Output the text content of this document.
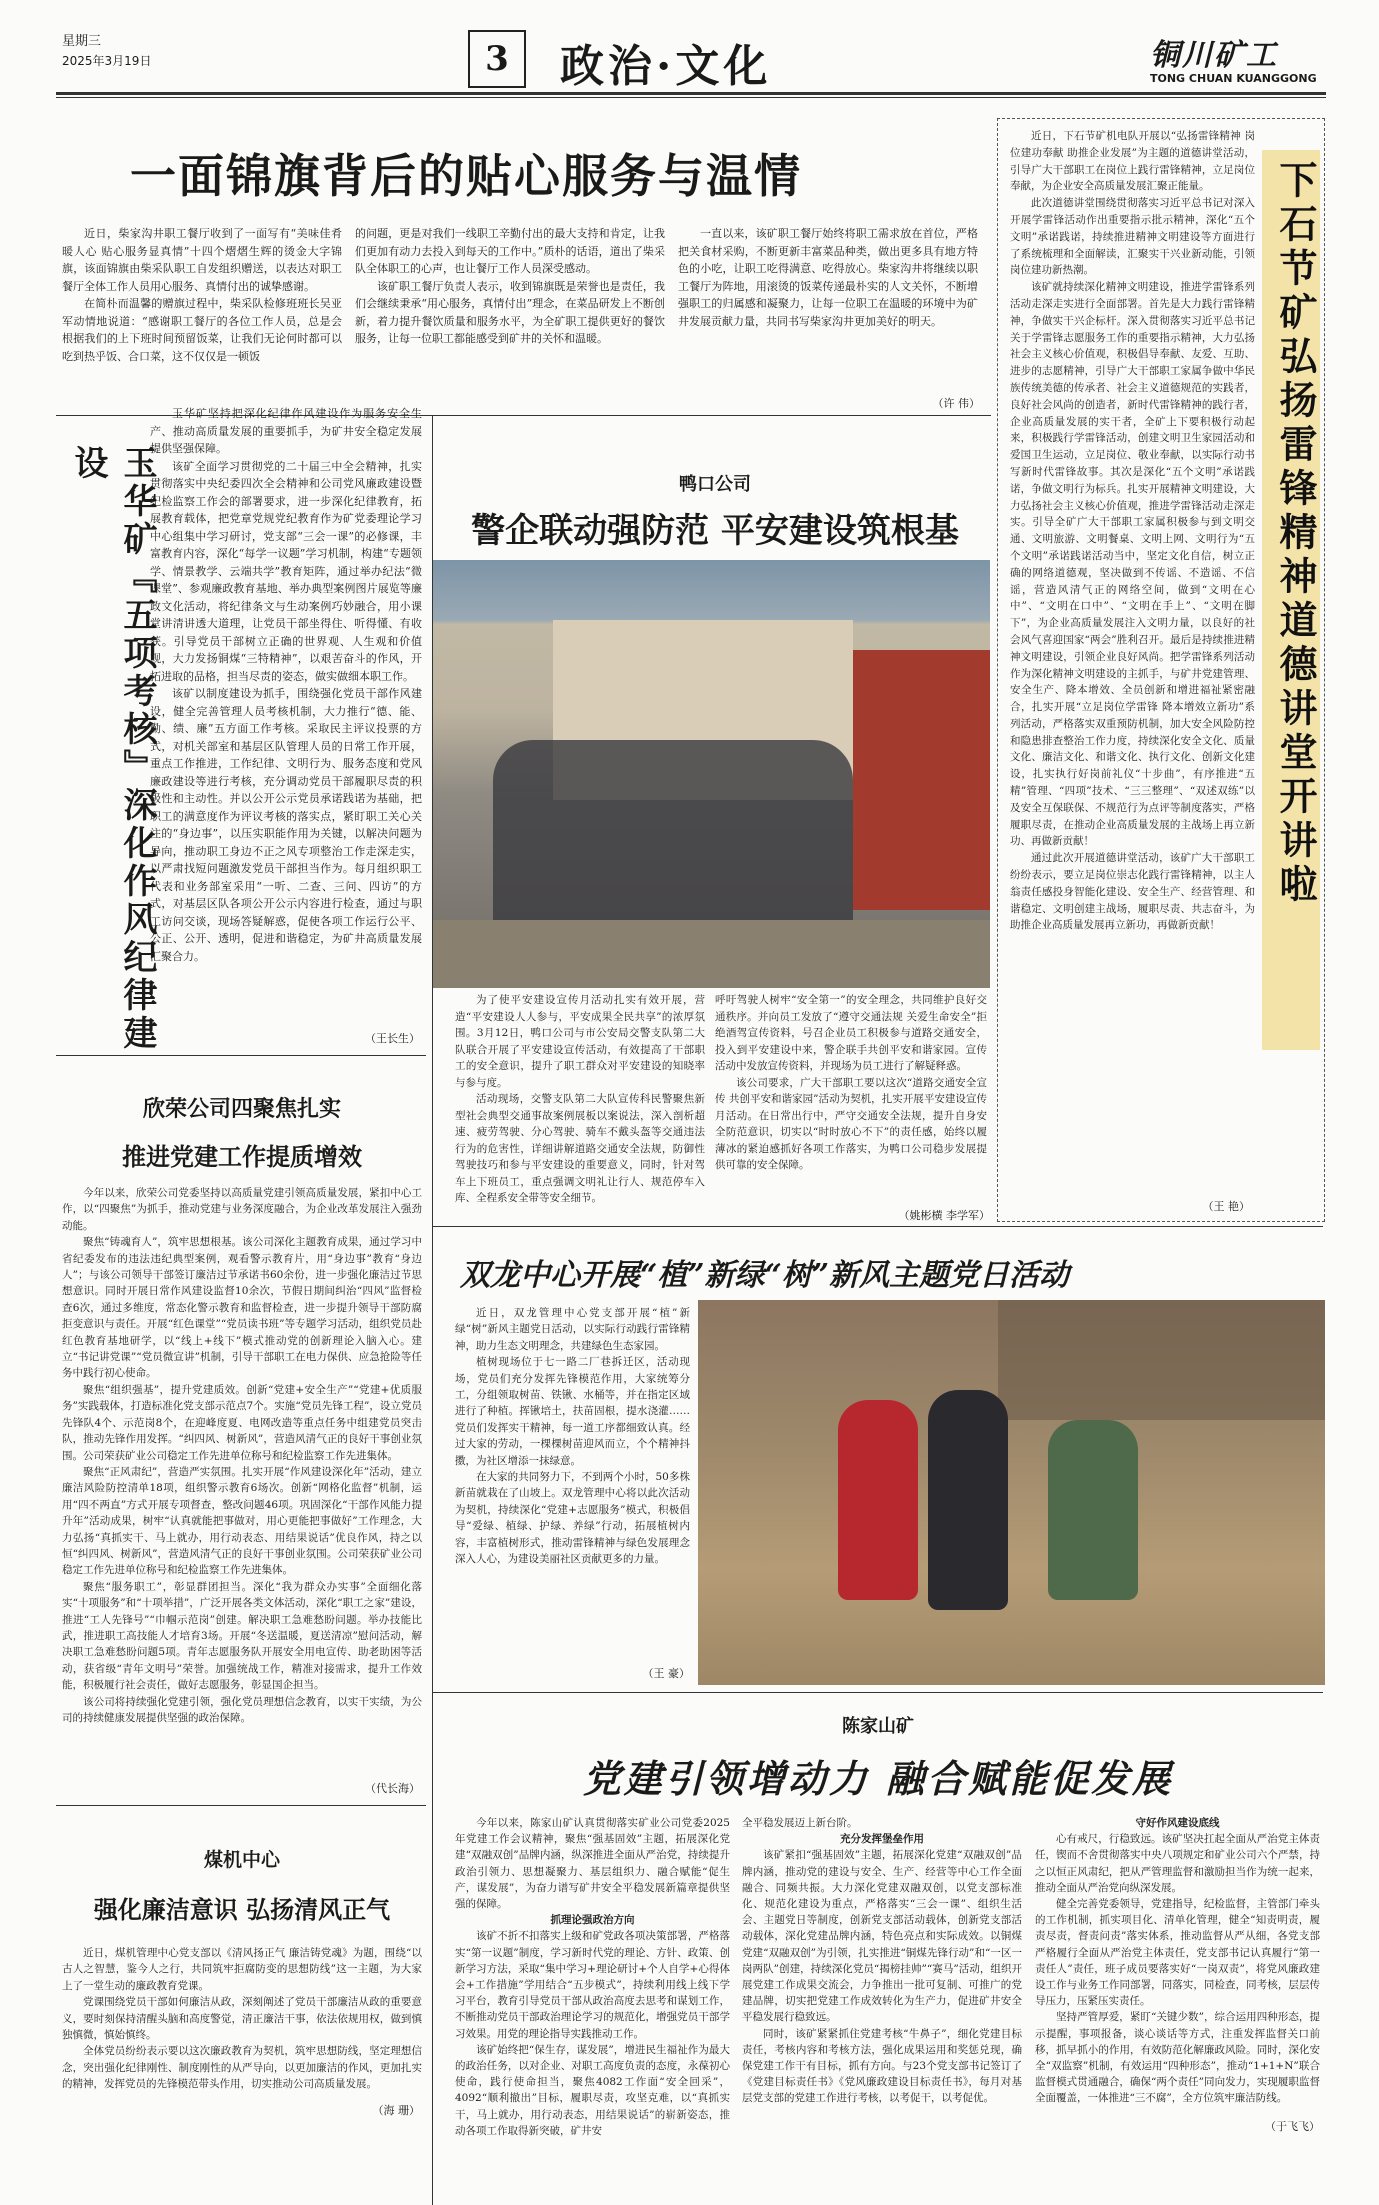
星期三
2025年3月19日	3 政治·文化	铜川矿工
TONG CHUAN KUANGGONG
一面锦旗背后的贴心服务与温情

近日，柴家沟井职工餐厅收到了一面写有“美味佳肴暖人心 贴心服务显真情”十四个熠熠生辉的烫金大字锦旗，该面锦旗由柴采队职工自发组织赠送，以表达对职工餐厅全体工作人员用心服务、真情付出的诚挚感谢。

在简朴而温馨的赠旗过程中，柴采队检修班班长吴亚军动情地说道：“感谢职工餐厅的各位工作人员，总是会根据我们的上下班时间预留饭菜，让我们无论何时都可以吃到热乎饭、合口菜，这不仅仅是一顿饭

的问题，更是对我们一线职工辛勤付出的最大支持和肯定，让我们更加有动力去投入到每天的工作中。”质朴的话语，道出了柴采队全体职工的心声，也让餐厅工作人员深受感动。

该矿职工餐厅负责人表示，收到锦旗既是荣誉也是责任，我们会继续秉承“用心服务，真情付出”理念，在菜品研发上不断创新，着力提升餐饮质量和服务水平，为全矿职工提供更好的餐饮服务，让每一位职工都能感受到矿井的关怀和温暖。

一直以来，该矿职工餐厅始终将职工需求放在首位，严格把关食材采购，不断更新丰富菜品种类，做出更多具有地方特色的小吃，让职工吃得满意、吃得放心。柴家沟井将继续以职工餐厅为阵地，用滚烫的饭菜传递最朴实的人文关怀，不断增强职工的归属感和凝聚力，让每一位职工在温暖的环境中为矿井发展贡献力量，共同书写柴家沟井更加美好的明天。

（许 伟）	下石节矿弘扬雷锋精神道德讲堂开讲啦

近日，下石节矿机电队开展以“弘扬雷锋精神 岗位建功奉献 助推企业发展”为主题的道德讲堂活动，引导广大干部职工在岗位上践行雷锋精神，立足岗位奉献，为企业安全高质量发展汇聚正能量。

此次道德讲堂围绕贯彻落实习近平总书记对深入开展学雷锋活动作出重要指示批示精神，深化“五个文明”承诺践诺，持续推进精神文明建设等方面进行了系统梳理和全面解读，汇聚实干兴业新动能，引领岗位建功新热潮。

该矿就持续深化精神文明建设，推进学雷锋系列活动走深走实进行全面部署。首先是大力践行雷锋精神，争做实干兴企标杆。深入贯彻落实习近平总书记关于学雷锋志愿服务工作的重要指示精神，大力弘扬社会主义核心价值观，积极倡导奉献、友爱、互助、进步的志愿精神，引导广大干部职工家属争做中华民族传统美德的传承者、社会主义道德规范的实践者，良好社会风尚的创造者，新时代雷锋精神的践行者，企业高质量发展的实干者，全矿上下要积极行动起来，积极践行学雷锋活动，创建文明卫生家园活动和爱国卫生运动，立足岗位、敬业奉献，以实际行动书写新时代雷锋故事。其次是深化“五个文明”承诺践诺，争做文明行为标兵。扎实开展精神文明建设，大力弘扬社会主义核心价值观，推进学雷锋活动走深走实。引导全矿广大干部职工家属积极参与到文明交通、文明旅游、文明餐桌、文明上网、文明行为“五个文明”承诺践诺活动当中，坚定文化自信，树立正确的网络道德观，坚决做到不传谣、不造谣、不信谣，营造风清气正的网络空间，做到“文明在心中”、“文明在口中”、“文明在手上”、“文明在脚下”，为企业高质量发展注入文明力量，以良好的社会风气喜迎国家“两会”胜利召开。最后是持续推进精神文明建设，引领企业良好风尚。把学雷锋系列活动作为深化精神文明建设的主抓手，与矿井党建管理、安全生产、降本增效、全员创新和增进福祉紧密融合，扎实开展“立足岗位学雷锋 降本增效立新功”系列活动，严格落实双重预防机制，加大安全风险防控和隐患排查整治工作力度，持续深化安全文化、质量文化、廉洁文化、和谐文化、执行文化、创新文化建设，扎实执行好岗前礼仪“十步曲”，有序推进“五精”管理、“四项”技术、“三三整理”、“双述双练”以及安全互保联保、不规范行为点评等制度落实，严格履职尽责，在推动企业高质量发展的主战场上再立新功、再做新贡献！

通过此次开展道德讲堂活动，该矿广大干部职工纷纷表示，要立足岗位崇志化践行雷锋精神，以主人翁责任感投身智能化建设、安全生产、经营管理、和谐稳定、文明创建主战场，履职尽责、共志奋斗，为助推企业高质量发展再立新功，再做新贡献！

（王 艳）
玉华矿『五项考核』深化作风纪律建设

玉华矿坚持把深化纪律作风建设作为服务安全生产、推动高质量发展的重要抓手，为矿井安全稳定发展提供坚强保障。

该矿全面学习贯彻党的二十届三中全会精神，扎实贯彻落实中央纪委四次全会精神和公司党风廉政建设暨纪检监察工作会的部署要求，进一步深化纪律教育，拓展教育载体，把党章党规党纪教育作为矿党委理论学习中心组集中学习研讨，党支部“三会一课”的必修课，丰富教育内容，深化“每学一议题”学习机制，构建“专题领学、情景教学、云端共学”教育矩阵，通过举办纪法“微课堂”、参观廉政教育基地、举办典型案例图片展览等廉政文化活动，将纪律条文与生动案例巧妙融合，用小课堂讲清讲透大道理，让党员干部坐得住、听得懂、有收获。引导党员干部树立正确的世界观、人生观和价值观，大力发扬铜煤“三特精神”，以艰苦奋斗的作风，开拓进取的品格，担当尽责的姿态，做实做细本职工作。

该矿以制度建设为抓手，围绕强化党员干部作风建设，健全完善管理人员考核机制，大力推行“德、能、勤、绩、廉”五方面工作考核。采取民主评议投票的方式，对机关部室和基层区队管理人员的日常工作开展，重点工作推进，工作纪律、文明行为、服务态度和党风廉政建设等进行考核，充分调动党员干部履职尽责的积极性和主动性。并以公开公示党员承诺践诺为基础，把职工的满意度作为评议考核的落实点，紧盯职工关心关注的“身边事”，以压实职能作用为关键，以解决问题为导向，推动职工身边不正之风专项整治工作走深走实，以严肃找短问题激发党员干部担当作为。每月组织职工代表和业务部室采用“一听、二查、三问、四访”的方式，对基层区队各项公开公示内容进行检查，通过与职工访问交谈，现场答疑解惑，促使各项工作运行公平、公正、公开、透明，促进和谐稳定，为矿井高质量发展汇聚合力。

（王长生）
鸭口公司
警企联动强防范 平安建设筑根基

为了使平安建设宣传月活动扎实有效开展，营造“平安建设人人参与，平安成果全民共享”的浓厚氛围。3月12日，鸭口公司与市公安局交警支队第二大队联合开展了平安建设宣传活动，有效提高了干部职工的安全意识，提升了职工群众对平安建设的知晓率与参与度。

活动现场，交警支队第二大队宣传科民警聚焦新型社会典型交通事故案例展板以案说法，深入剖析超速、疲劳驾驶、分心驾驶、骑车不戴头盔等交通违法行为的危害性，详细讲解道路交通安全法规，防御性驾驶技巧和参与平安建设的重要意义，同时，针对驾车上下班员工，重点强调文明礼让行人、规范停车入库、全程系安全带等安全细节。

呼吁驾驶人树牢“安全第一”的安全理念，共同维护良好交通秩序。并向员工发放了“遵守交通法规 关爱生命安全”拒绝酒驾宣传资料，号召企业员工积极参与道路交通安全，投入到平安建设中来，警企联手共创平安和谐家园。宣传活动中发放宣传资料，并现场为员工进行了解疑释惑。

该公司要求，广大干部职工要以这次“道路交通安全宣传 共创平安和谐家园”活动为契机，扎实开展平安建设宣传月活动。在日常出行中，严守交通安全法规，提升自身安全防范意识，切实以“时时放心不下”的责任感，始终以履薄冰的紧迫感抓好各项工作落实，为鸭口公司稳步发展提供可靠的安全保障。

（姚彬横 李学军）
欣荣公司四聚焦扎实
推进党建工作提质增效

今年以来，欣荣公司党委坚持以高质量党建引领高质量发展，紧扣中心工作，以“四聚焦”为抓手，推动党建与业务深度融合，为企业改革发展注入强劲动能。

聚焦“铸魂育人”，筑牢思想根基。该公司深化主题教育成果，通过学习中省纪委发布的违法违纪典型案例，观看警示教育片，用“身边事”教育“身边人”；与该公司领导干部签订廉洁过节承诺书60余份，进一步强化廉洁过节思想意识。同时开展日常作风建设监督10余次，节假日期间纠治“四风”监督检查6次，通过多维度，常态化警示教育和监督检查，进一步提升领导干部防腐拒变意识与责任。开展“红色课堂”“党员读书班”等专题学习活动，组织党员赴红色教育基地研学，以“线上+线下”模式推动党的创新理论入脑入心。建立“书记讲党课”“党员微宣讲”机制，引导干部职工在电力保供、应急抢险等任务中践行初心使命。

聚焦“组织强基”，提升党建质效。创新“党建+安全生产”“党建+优质服务”实践载体，打造标准化党支部示范点7个。实施“党员先锋工程”，设立党员先锋队4个、示范岗8个，在迎峰度夏、电网改造等重点任务中组建党员突击队，推动先锋作用发挥。“纠四风、树新风”，营造风清气正的良好干事创业氛围。公司荣获矿业公司稳定工作先进单位称号和纪检监察工作先进集体。

聚焦“正风肃纪”，营造严实氛围。扎实开展“作风建设深化年”活动，建立廉洁风险防控清单18项，组织警示教育6场次。创新“网格化监督”机制，运用“四不两直”方式开展专项督查，整改问题46项。巩固深化“干部作风能力提升年”活动成果，树牢“认真就能把事做对，用心更能把事做好”工作理念，大力弘扬“真抓实干、马上就办，用行动表态、用结果说话”优良作风，持之以恒“纠四风、树新风”，营造风清气正的良好干事创业氛围。公司荣获矿业公司稳定工作先进单位称号和纪检监察工作先进集体。

聚焦“服务职工”，彰显群团担当。深化“我为群众办实事”全面细化落实“十项服务”和“十项举措”，广泛开展各类文体活动，深化“职工之家”建设，推进“工人先锋号”“巾帼示范岗”创建。解决职工急难愁盼问题。举办技能比武，推进职工高技能人才培育3场。开展“冬送温暖，夏送清凉”慰问活动，解决职工急难愁盼问题5项。青年志愿服务队开展安全用电宣传、助老助困等活动，获省级“青年文明号”荣誉。加强统战工作，精准对接需求，提升工作效能，积极履行社会责任，做好志愿服务，彰显国企担当。

该公司将持续强化党建引领，强化党员理想信念教育，以实干实绩，为公司的持续健康发展提供坚强的政治保障。

（代长海）
煤机中心
强化廉洁意识 弘扬清风正气

近日，煤机管理中心党支部以《清风扬正气 廉洁铸党魂》为题，围绕“以古人之智慧，鉴今人之行，共同筑牢拒腐防变的思想防线”这一主题，为大家上了一堂生动的廉政教育党课。

党课围绕党员干部如何廉洁从政，深刻阐述了党员干部廉洁从政的重要意义，要时刻保持清醒头脑和高度警觉，清正廉洁干事，依法依规用权，做到慎独慎微，慎始慎终。

全体党员纷纷表示要以这次廉政教育为契机，筑牢思想防线，坚定理想信念，突出强化纪律刚性、制度刚性的从严导向，以更加廉洁的作风，更加扎实的精神，发挥党员的先锋模范带头作用，切实推动公司高质量发展。

（海 珊）
双龙中心开展“植”新绿“树”新风主题党日活动

近日，双龙管理中心党支部开展“植”新绿“树”新风主题党日活动，以实际行动践行雷锋精神，助力生态文明理念，共建绿色生态家园。

植树现场位于七一路二厂巷拆迁区，活动现场，党员们充分发挥先锋模范作用，大家统筹分工，分组领取树苗、铁锹、水桶等，并在指定区域进行了种植。挥锹培土，扶苗固根，提水浇灌……党员们发挥实干精神，每一道工序都细致认真。经过大家的劳动，一棵棵树苗迎风而立，个个精神抖擞，为社区增添一抹绿意。

在大家的共同努力下，不到两个小时，50多株新苗就栽在了山坡上。双龙管理中心将以此次活动为契机，持续深化“党建+志愿服务”模式，积极倡导“爱绿、植绿、护绿、养绿”行动，拓展植树内容，丰富植树形式，推动雷锋精神与绿色发展理念深入人心，为建设美丽社区贡献更多的力量。

（王 豪）
陈家山矿
党建引领增动力 融合赋能促发展

今年以来，陈家山矿认真贯彻落实矿业公司党委2025年党建工作会议精神，聚焦“强基固效”主题，拓展深化党建“双融双创”品牌内涵，纵深推进全面从严治党，持续提升政治引领力、思想凝聚力、基层组织力、融合赋能“促生产，谋发展”，为奋力谱写矿井安全平稳发展新篇章提供坚强的保障。

抓理论强政治方向

该矿不折不扣落实上级和矿党政各项决策部署，严格落实“第一议题”制度，学习新时代党的理论、方针、政策、创新学习方法，采取“集中学习+理论研讨+个人自学+心得体会+工作措施”学用结合“五步模式”，持续利用线上线下学习平台，教育引导党员干部从政治高度去思考和谋划工作，不断推动党员干部政治理论学习的规范化，增强党员干部学习效果。用党的理论指导实践推动工作。

该矿始终把“保生存，谋发展”，增进民生福祉作为最大的政治任务，以对企业、对职工高度负责的态度，永葆初心使命，践行使命担当，聚焦4082工作面“安全回采”，4092“顺利撤出”目标，履职尽责，攻坚克难，以“真抓实干，马上就办，用行动表态，用结果说话”的崭新姿态，推动各项工作取得新突破，矿井安

全平稳发展迈上新台阶。

充分发挥堡垒作用

该矿紧扣“强基固效”主题，拓展深化党建“双融双创”品牌内涵，推动党的建设与安全、生产、经营等中心工作全面融合、同频共振。大力深化党建双融双创，以党支部标准化、规范化建设为重点，严格落实“三会一课”、组织生活会、主题党日等制度，创新党支部活动载体，创新党支部活动载体，深化党建品牌内涵，特色亮点和实际成效。以铜煤党建“双融双创”为引领，扎实推进“铜煤先锋行动”和“一区一岗两队”创建，持续深化党员“揭榜挂帅”“赛马”活动，组织开展党建工作成果交流会，力争推出一批可复制、可推广的党建品牌，切实把党建工作成效转化为生产力，促进矿井安全平稳发展行稳致远。

同时，该矿紧紧抓住党建考核“牛鼻子”，细化党建目标责任，考核内容和考核方法，强化成果运用和奖惩兑现，确保党建工作干有目标，抓有方向。与23个党支部书记签订了《党建目标责任书》《党风廉政建设目标责任书》，每月对基层党支部的党建工作进行考核，以考促干，以考促优。

守好作风建设底线

心有戒尺，行稳致远。该矿坚决扛起全面从严治党主体责任，锲而不舍贯彻落实中央八项规定和矿业公司六个严禁，持之以恒正风肃纪，把从严管理监督和激励担当作为统一起来，推动全面从严治党向纵深发展。

健全完善党委领导，党建指导，纪检监督，主管部门牵头的工作机制，抓实项目化、清单化管理，健全“知责明责，履责尽责，督责问责”落实体系，推动监督从严从细，各党支部严格履行全面从严治党主体责任，党支部书记认真履行“第一责任人”责任，班子成员要落实好“一岗双责”，将党风廉政建设工作与业务工作同部署，同落实，同检查，同考核，层层传导压力，压紧压实责任。

坚持严管厚爱，紧盯“关键少数”，综合运用四种形态，提示提醒，事项报备，谈心谈话等方式，注重发挥监督关口前移，抓早抓小的作用，有效防范化解廉政风险。同时，深化安全“双监察”机制，有效运用“四种形态”，推动“1+1+N”联合监督模式贯通融合，确保“两个责任”同向发力，实现履职监督全面覆盖，一体推进“三不腐”，全方位筑牢廉洁防线。

（于飞飞）
